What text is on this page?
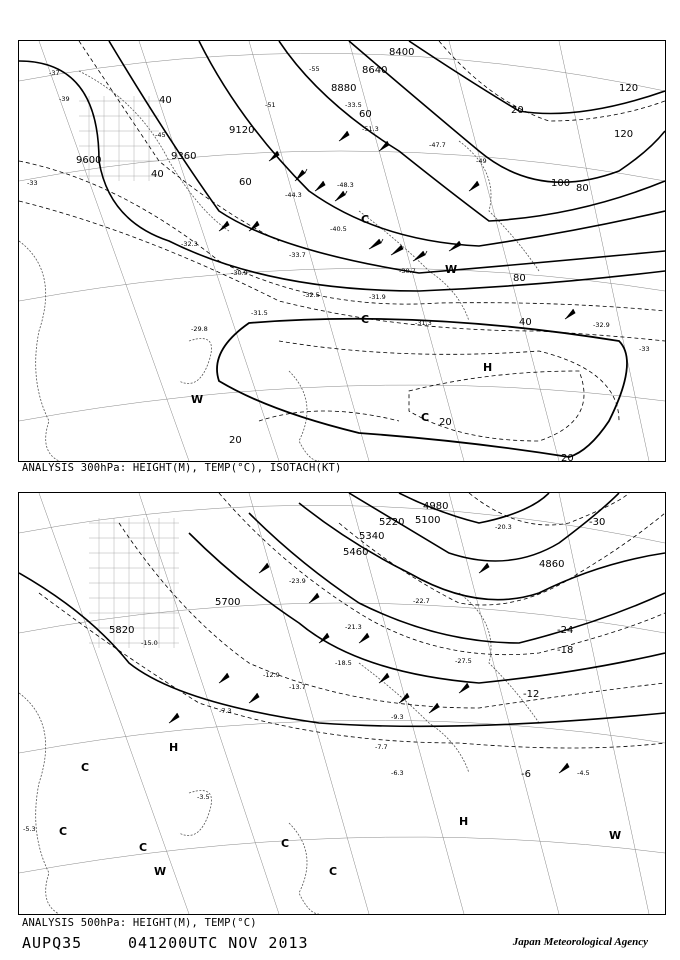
9600	9360
9120
8880
8640
8400
40
40
40
60
60
80
80
100
120
120
20
20
20
20
H
W
W
C
C
C
-37
-39
-33
-45
-51
-55
-49
-33.5
-51.3
-47.7
-48.3
-44.3
-40.5
-32.3
-31.9
-30.7
-32.5
-31.5
-30.9
-33.7
-29.8
-31.3	-32.9
-33
ANALYSIS 300hPa: HEIGHT(M), TEMP(°C), ISOTACH(KT)
5820
5700
5460
5340
5220 5100
4980
4860
-30
-24
-18
-12
-6
H
H
C
C
C	C
C
W
W
-23.9
-22.7
-27.5
-21.3
-18.5
-13.7
-12.9
-9.3
-7.3
-7.7
-6.3	-4.5
-3.5
-5.3
-15.0
-20.3
ANALYSIS 500hPa: HEIGHT(M), TEMP(°C)
AUPQ35	041200UTC NOV 2013	Japan Meteorological Agency
